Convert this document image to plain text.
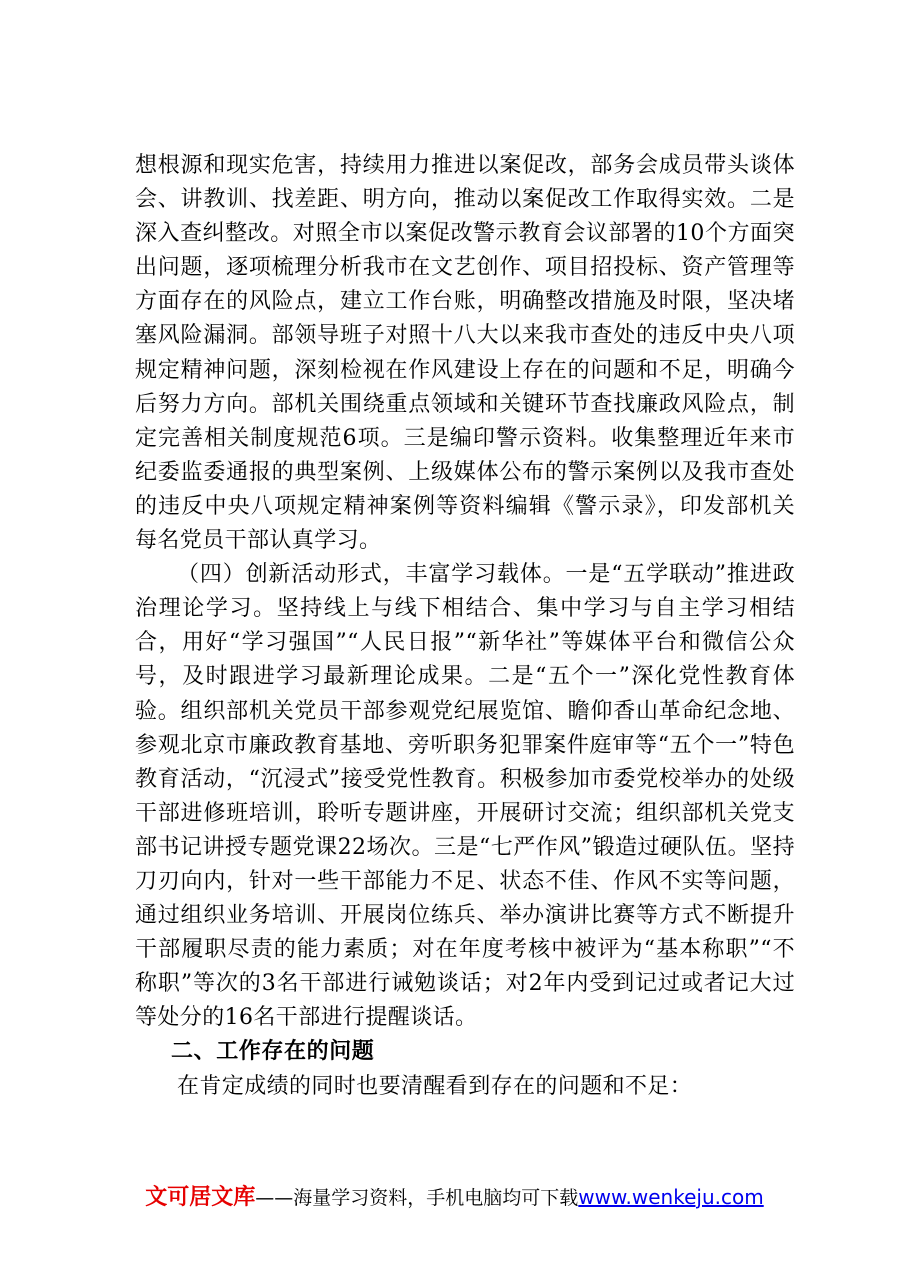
想根源和现实危害，持续用力推进以案促改，部务会成员带头谈体会、讲教训、找差距、明方向，推动以案促改工作取得实效。二是深入查纠整改。对照全市以案促改警示教育会议部署的10个方面突出问题，逐项梳理分析我市在文艺创作、项目招投标、资产管理等方面存在的风险点，建立工作台账，明确整改措施及时限，坚决堵塞风险漏洞。部领导班子对照十八大以来我市查处的违反中央八项规定精神问题，深刻检视在作风建设上存在的问题和不足，明确今后努力方向。部机关围绕重点领域和关键环节查找廉政风险点，制定完善相关制度规范6项。三是编印警示资料。收集整理近年来市纪委监委通报的典型案例、上级媒体公布的警示案例以及我市查处的违反中央八项规定精神案例等资料编辑《警示录》，印发部机关每名党员干部认真学习。

（四）创新活动形式，丰富学习载体。一是“五学联动”推进政治理论学习。坚持线上与线下相结合、集中学习与自主学习相结合，用好“学习强国”“人民日报”“新华社”等媒体平台和微信公众号，及时跟进学习最新理论成果。二是“五个一”深化党性教育体验。组织部机关党员干部参观党纪展览馆、瞻仰香山革命纪念地、参观北京市廉政教育基地、旁听职务犯罪案件庭审等“五个一”特色教育活动，“沉浸式”接受党性教育。积极参加市委党校举办的处级干部进修班培训，聆听专题讲座，开展研讨交流；组织部机关党支部书记讲授专题党课22场次。三是“七严作风”锻造过硬队伍。坚持刀刃向内，针对一些干部能力不足、状态不佳、作风不实等问题，通过组织业务培训、开展岗位练兵、举办演讲比赛等方式不断提升干部履职尽责的能力素质；对在年度考核中被评为“基本称职”“不称职”等次的3名干部进行诫勉谈话；对2年内受到记过或者记大过等处分的16名干部进行提醒谈话。

二、工作存在的问题

在肯定成绩的同时也要清醒看到存在的问题和不足：

文可居文库——海量学习资料，手机电脑均可下载www.wenkeju.com
